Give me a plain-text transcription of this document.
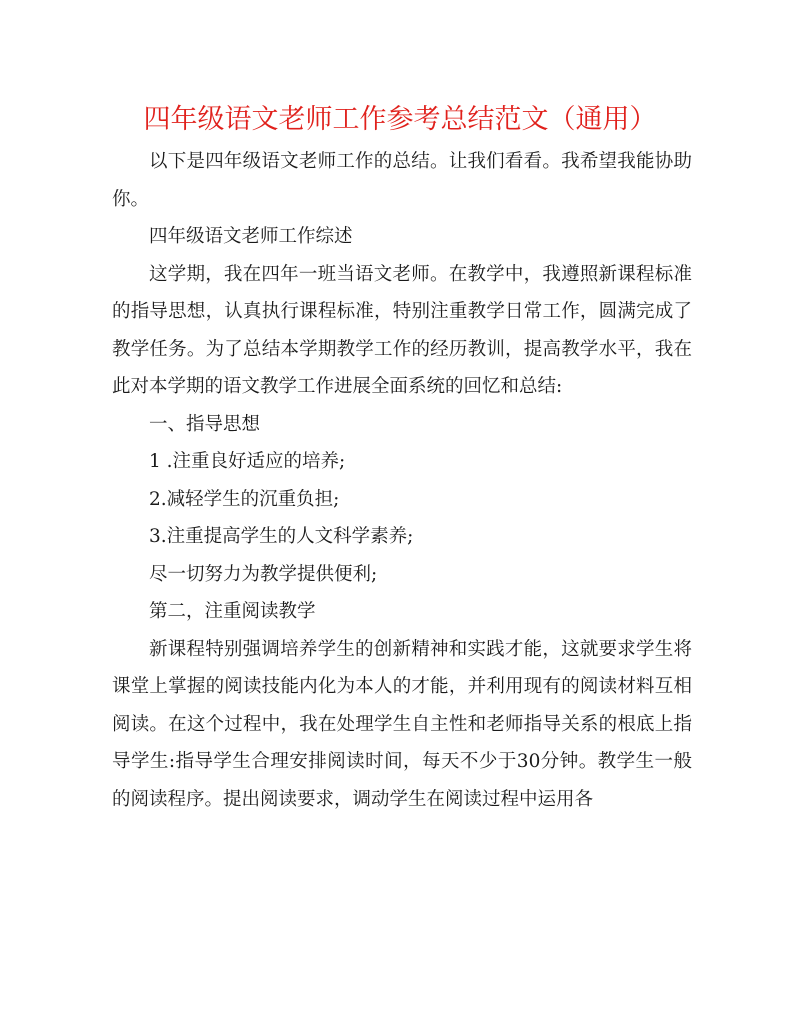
四年级语文老师工作参考总结范文（通用）

以下是四年级语文老师工作的总结。让我们看看。我希望我能协助你。

四年级语文老师工作综述

这学期，我在四年一班当语文老师。在教学中，我遵照新课程标准的指导思想，认真执行课程标准，特别注重教学日常工作，圆满完成了教学任务。为了总结本学期教学工作的经历教训，提高教学水平，我在此对本学期的语文教学工作进展全面系统的回忆和总结:

一、指导思想

1 .注重良好适应的培养;

2.减轻学生的沉重负担;

3.注重提高学生的人文科学素养;

尽一切努力为教学提供便利;

第二，注重阅读教学

新课程特别强调培养学生的创新精神和实践才能，这就要求学生将课堂上掌握的阅读技能内化为本人的才能，并利用现有的阅读材料互相阅读。在这个过程中，我在处理学生自主性和老师指导关系的根底上指导学生:指导学生合理安排阅读时间，每天不少于30分钟。教学生一般的阅读程序。提出阅读要求，调动学生在阅读过程中运用各
